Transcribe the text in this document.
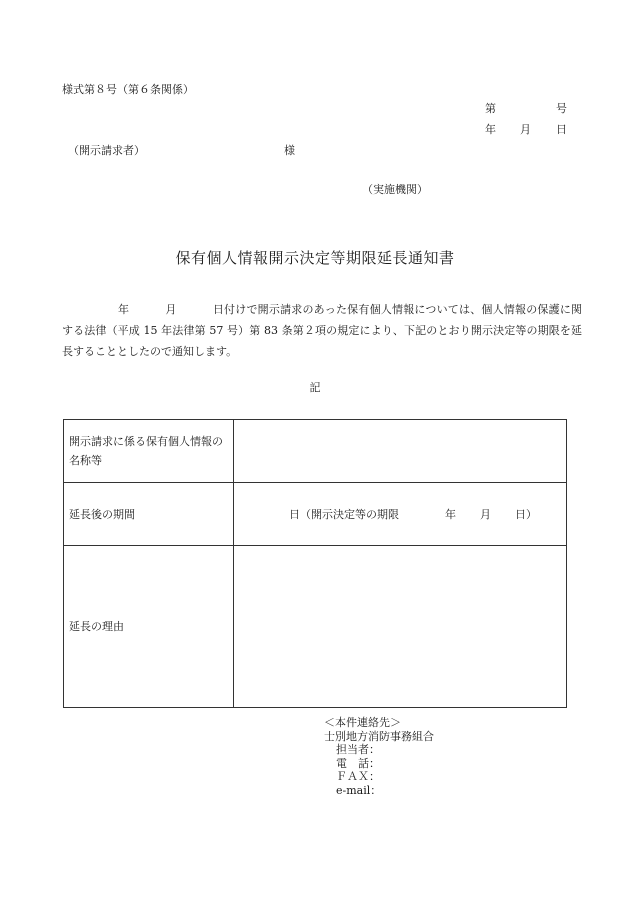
様式第８号（第６条関係）
第	号
年 月 日
（開示請求者）	様
（実施機関）
保有個人情報開示決定等期限延長通知書
年	月	日付けで開示請求のあった保有個人情報については、個人情報の保護に関する法律（平成 15 年法律第 57 号）第 83 条第２項の規定により、下記のとおり開示決定等の期限を延長することとしたので通知します。
記
開示請求に係る保有個人情報の名称等	
延長後の期間	日（開示決定等の期限 年 月 日）
延長の理由	
＜本件連絡先＞
士別地方消防事務組合
担当者：
電　話：
ＦＡＸ：
e-mail：
